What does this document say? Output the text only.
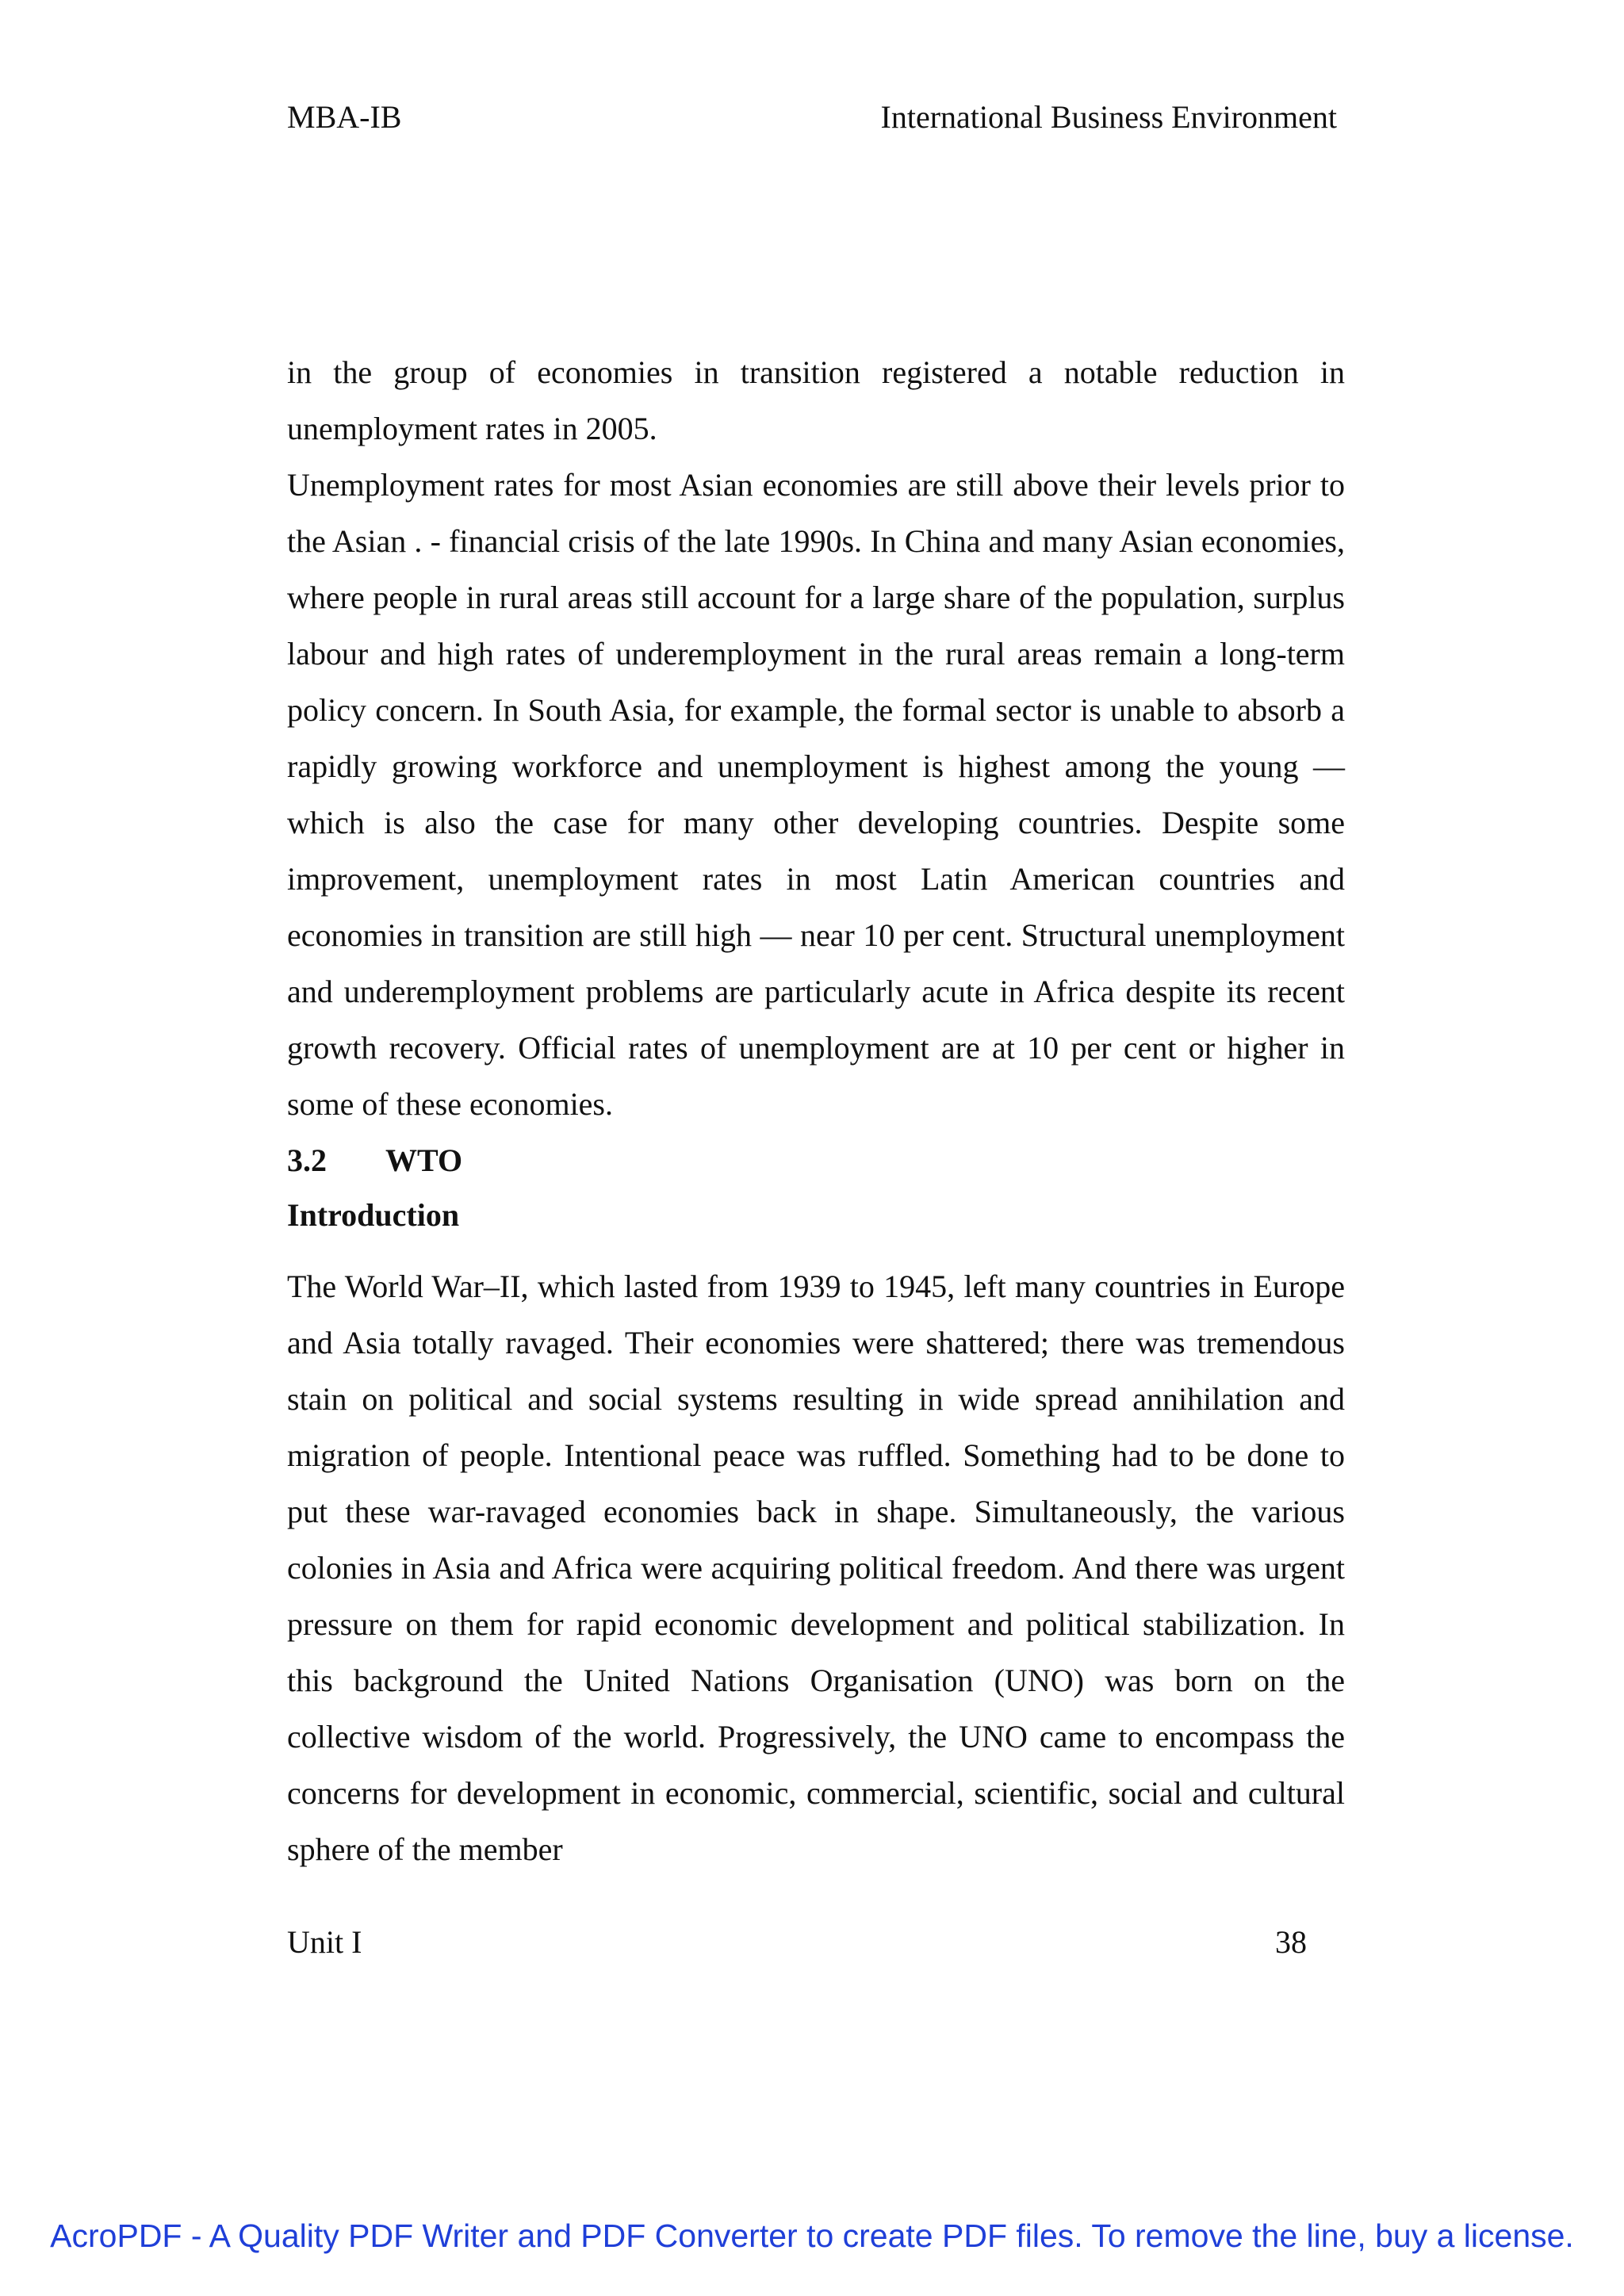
MBA-IB	International Business Environment

in the group of economies in transition registered a notable reduction in unemployment rates in 2005.

Unemployment rates for most Asian economies are still above their levels prior to the Asian . - financial crisis of the late 1990s. In China and many Asian economies, where people in rural areas still account for a large share of the population, surplus labour and high rates of underemployment in the rural areas remain a long-term policy concern. In South Asia, for example, the formal sector is unable to absorb a rapidly growing workforce and unemployment is highest among the young — which is also the case for many other developing countries. Despite some improvement, unemployment rates in most Latin American countries and economies in transition are still high — near 10 per cent. Structural unemployment and underemployment problems are particularly acute in Africa despite its recent growth recovery. Official rates of unemployment are at 10 per cent or higher in some of these economies.

3.2 WTO
Introduction

The World War–II, which lasted from 1939 to 1945, left many countries in Europe and Asia totally ravaged. Their economies were shattered; there was tremendous stain on political and social systems resulting in wide spread annihilation and migration of people. Intentional peace was ruffled. Something had to be done to put these war-ravaged economies back in shape. Simultaneously, the various colonies in Asia and Africa were acquiring political freedom. And there was urgent pressure on them for rapid economic development and political stabilization. In this background the United Nations Organisation (UNO) was born on the collective wisdom of the world. Progressively, the UNO came to encompass the concerns for development in economic, commercial, scientific, social and cultural sphere of the member

Unit I	38
AcroPDF - A Quality PDF Writer and PDF Converter to create PDF files. To remove the line, buy a license.
